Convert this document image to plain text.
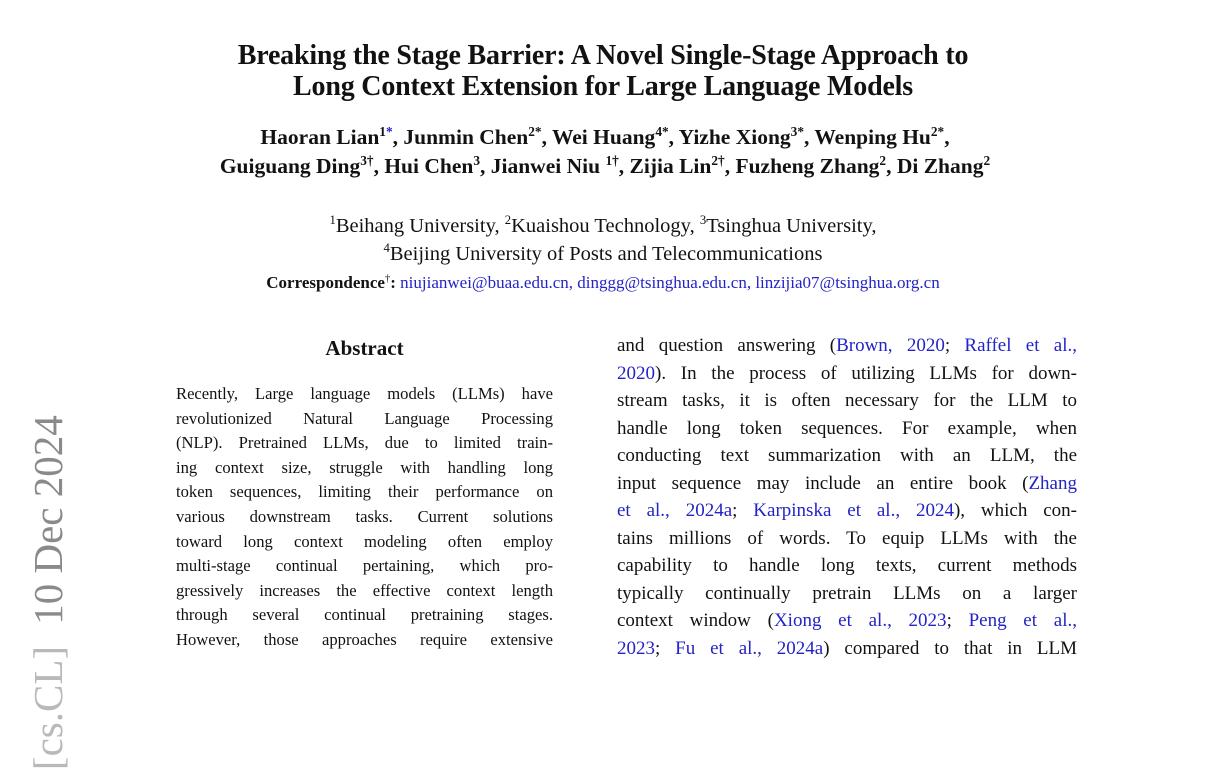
10 Dec 2024
[cs.CL]
Breaking the Stage Barrier: A Novel Single-Stage Approach to
Long Context Extension for Large Language Models
Haoran Lian$^{1*}$, Junmin Chen$^{2*}$, Wei Huang$^{4*}$, Yizhe Xiong$^{3*}$, Wenping $Hu^{2*}$,
Guiguang Ding$^{3\dagger}$, Hui Chen$^3$, Jianwei Niu $^{1\dagger}$, Zijia Lin$^{2\dagger}$, Fuzheng Zhang$^2$, Di Zhang$^2$
$^1$Beihang University, $^2$Kuaishou Technology, $^3$Tsinghua University,
$^4$Beijing University of Posts and Telecommunications
Correspondence†: niujianwei@buaa.edu.cn, dinggg@tsinghua.edu.cn, linzijia07@tsinghua.org.cn
Abstract
Recently, Large language models (LLMs) have
revolutionized Natural Language Processing
(NLP). Pretrained LLMs, due to limited train-
ing context size, struggle with handling long
token sequences, limiting their performance on
various downstream tasks. Current solutions
toward long context modeling often employ
multi-stage continual pertaining, which pro-
gressively increases the effective context length
through several continual pretraining stages.
However, those approaches require extensive
and question answering (Brown, 2020; Raffel et al.,
2020). In the process of utilizing LLMs for down-
stream tasks, it is often necessary for the LLM to
handle long token sequences. For example, when
conducting text summarization with an LLM, the
input sequence may include an entire book (Zhang
et al., 2024a; Karpinska et al., 2024), which con-
tains millions of words. To equip LLMs with the
capability to handle long texts, current methods
typically continually pretrain LLMs on a larger
context window (Xiong et al., 2023; Peng et al.,
2023; Fu et al., 2024a) compared to that in LLM
